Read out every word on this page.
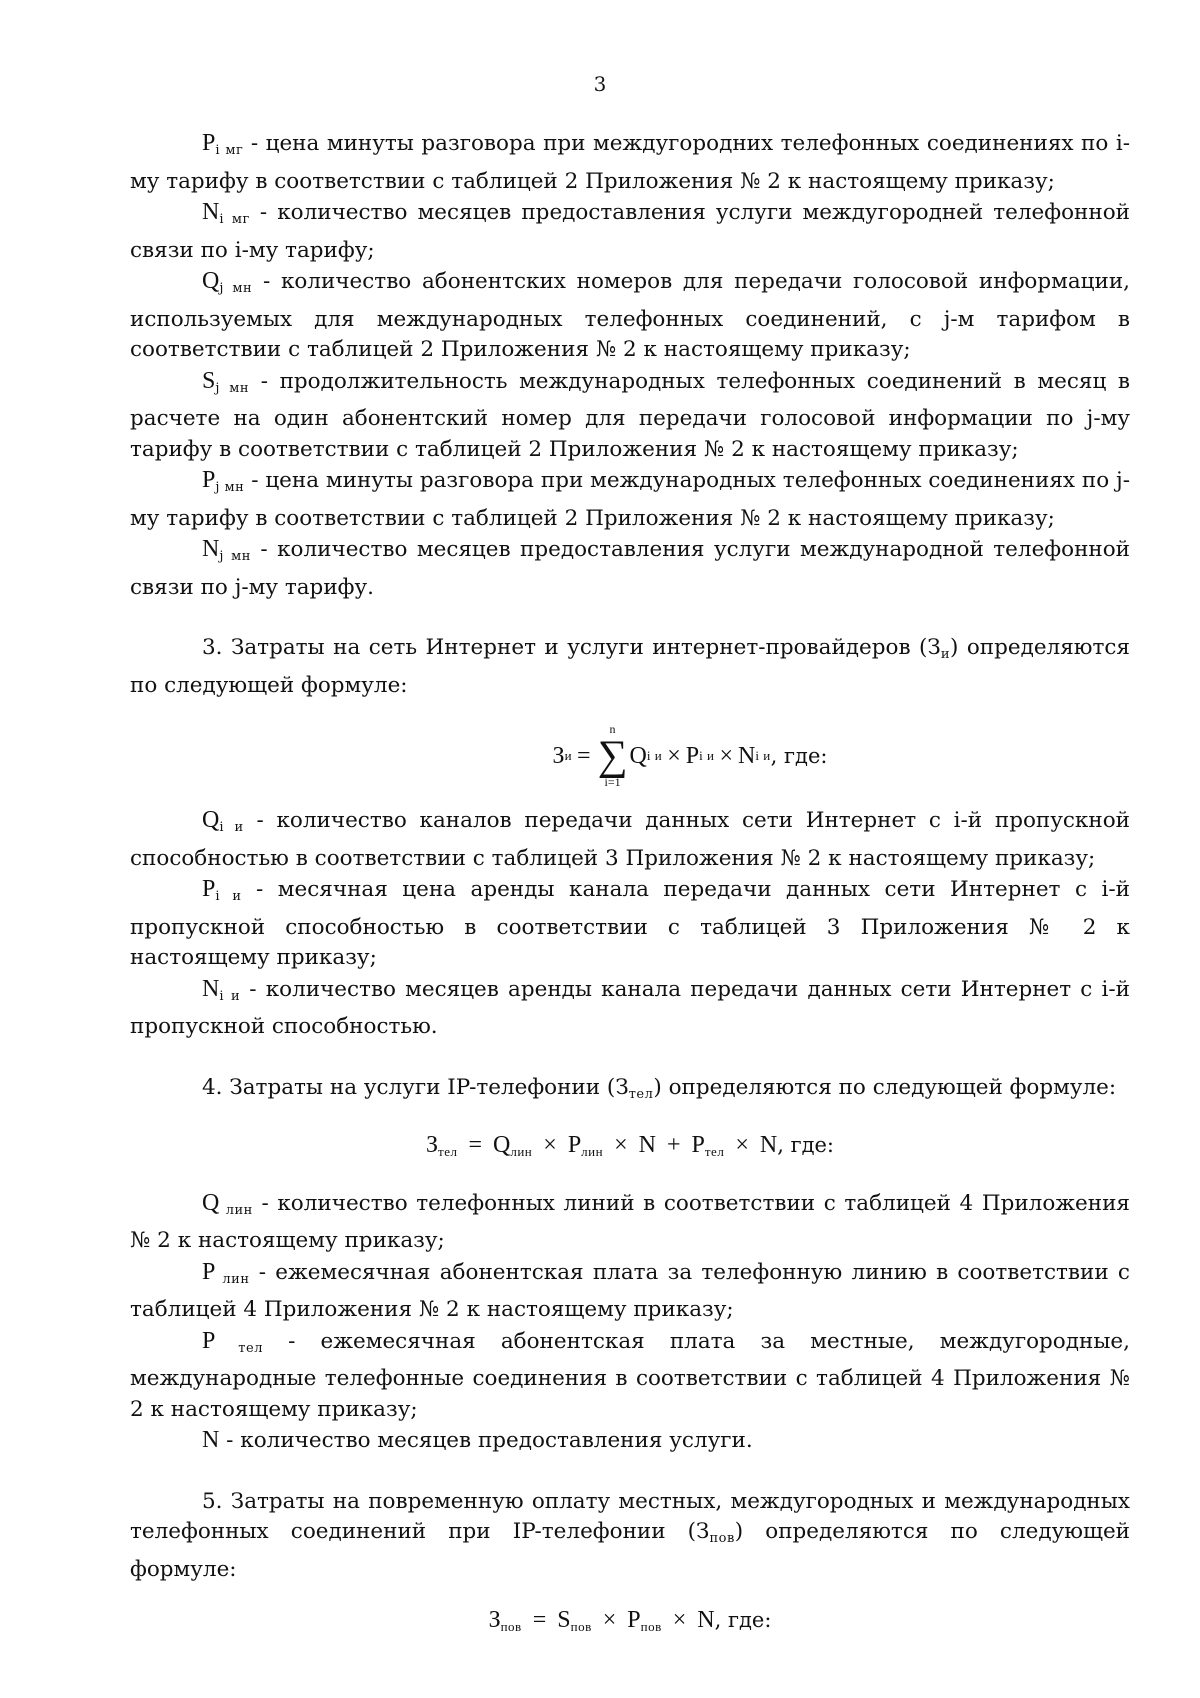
3

$P_{i мг}$ - цена минуты разговора при междугородних телефонных соединениях по i-му тарифу в соответствии с таблицей 2 Приложения № 2 к настоящему приказу;

$N_{i мг}$ - количество месяцев предоставления услуги междугородней телефонной связи по i-му тарифу;

$Q_{j мн}$ - количество абонентских номеров для передачи голосовой информации, используемых для международных телефонных соединений, с j-м тарифом в соответствии с таблицей 2 Приложения № 2 к настоящему приказу;

$S_{j мн}$ - продолжительность международных телефонных соединений в месяц в расчете на один абонентский номер для передачи голосовой информации по j-му тарифу в соответствии с таблицей 2 Приложения № 2 к настоящему приказу;

$P_{j мн}$ - цена минуты разговора при международных телефонных соединениях по j-му тарифу в соответствии с таблицей 2 Приложения № 2 к настоящему приказу;

$N_{j мн}$ - количество месяцев предоставления услуги международной телефонной связи по j-му тарифу.

3. Затраты на сеть Интернет и услуги интернет-провайдеров $(З_и)$ определяются по следующей формуле:

З и =
n
∑
i=1
Q i и × P i и × N i и , где:

$Q_{i и}$ - количество каналов передачи данных сети Интернет с i-й пропускной способностью в соответствии с таблицей 3 Приложения № 2 к настоящему приказу;

$P_{i и}$ - месячная цена аренды канала передачи данных сети Интернет с i-й пропускной способностью в соответствии с таблицей 3 Приложения № 2 к настоящему приказу;

$N_{i и}$ - количество месяцев аренды канала передачи данных сети Интернет с i-й пропускной способностью.

4. Затраты на услуги IP-телефонии $(З_{тел})$ определяются по следующей формуле:

$З_{тел} = Q_{лин} \times P_{лин} \times N + P_{тел} \times N$, где:

Q $_{лин}$ - количество телефонных линий в соответствии с таблицей 4 Приложения № 2 к настоящему приказу;

P $_{лин}$ - ежемесячная абонентская плата за телефонную линию в соответствии с таблицей 4 Приложения № 2 к настоящему приказу;

P $_{тел}$ - ежемесячная абонентская плата за местные, междугородные, международные телефонные соединения в соответствии с таблицей 4 Приложения № 2 к настоящему приказу;

N - количество месяцев предоставления услуги.

5. Затраты на повременную оплату местных, междугородных и международных телефонных соединений при IP-телефонии $(З_{пов})$ определяются по следующей формуле:

$З_{пов} = S_{пов} \times P_{пов} \times N$, где:
